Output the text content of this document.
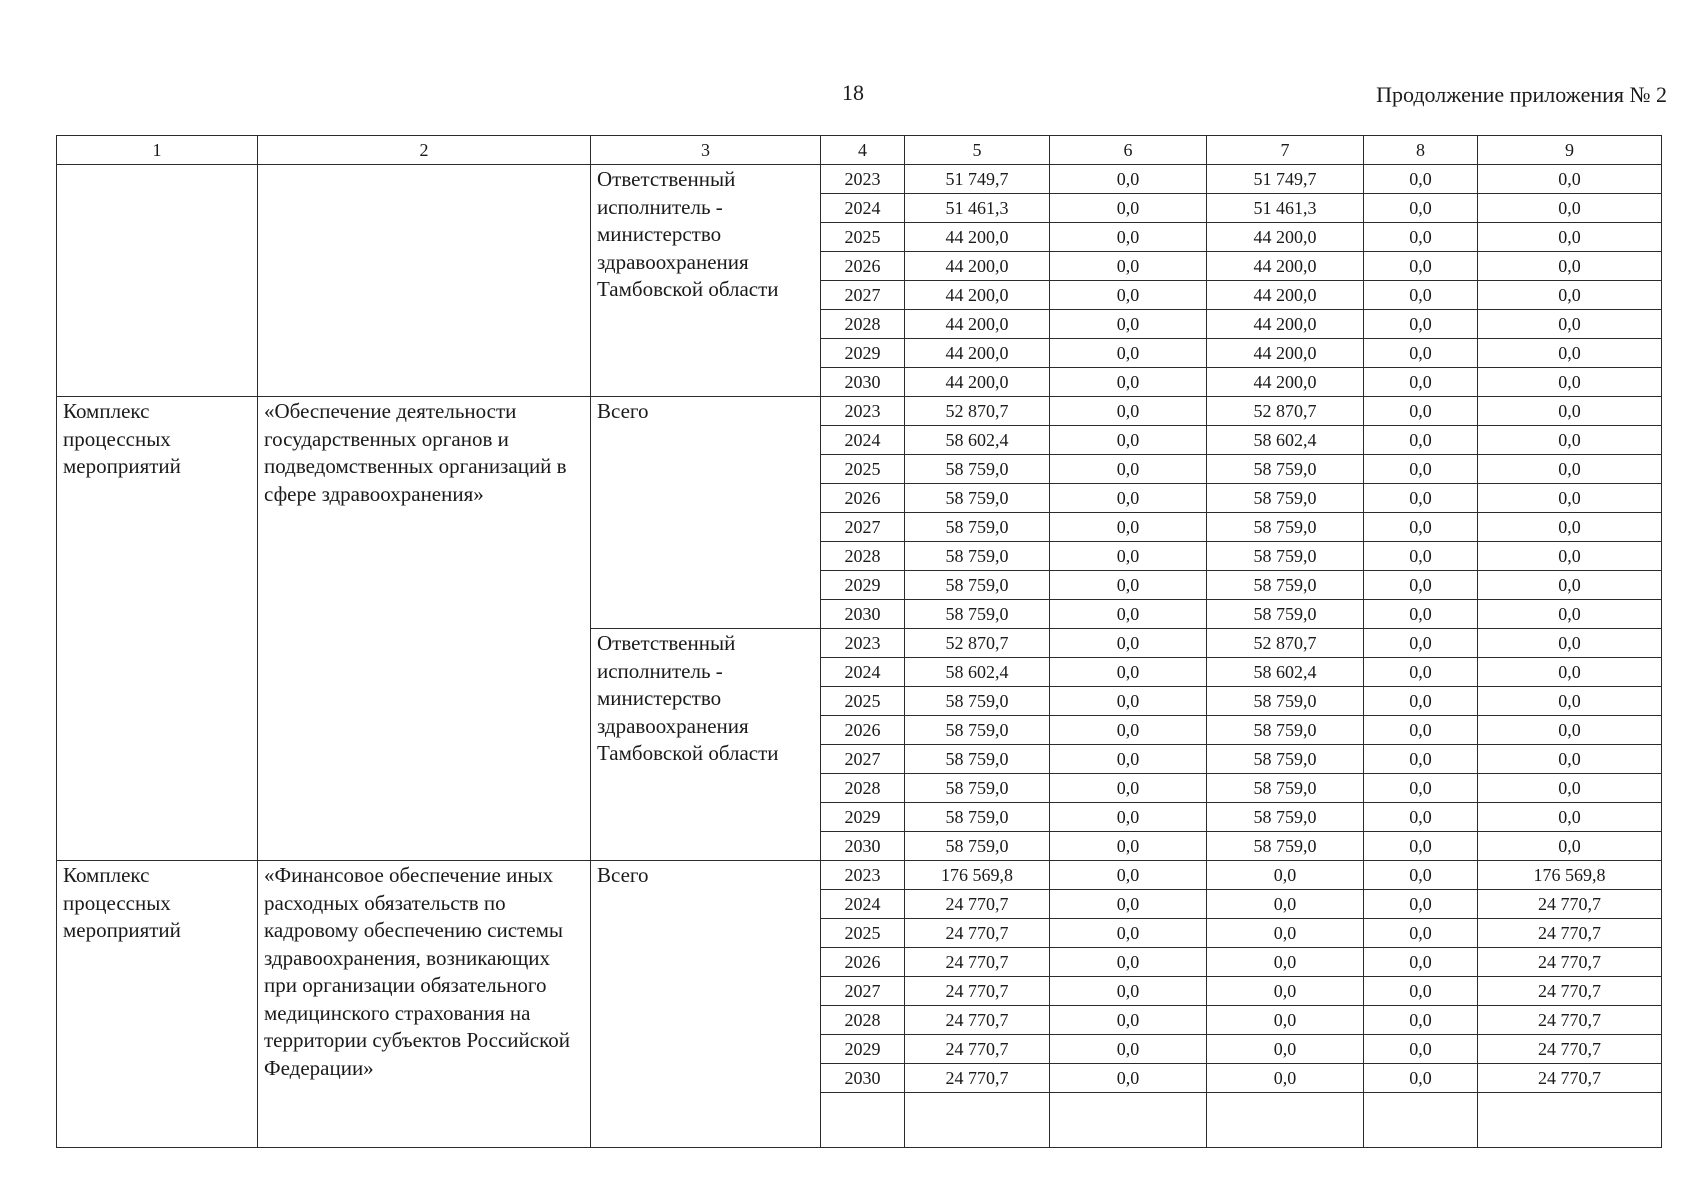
18	Продолжение приложения № 2
1	2	3	4	5	6	7	8	9
		Ответственный исполнитель - министерство здравоохранения Тамбовской области	2023	51 749,7	0,0	51 749,7	0,0	0,0
			2024	51 461,3	0,0	51 461,3	0,0	0,0
			2025	44 200,0	0,0	44 200,0	0,0	0,0
			2026	44 200,0	0,0	44 200,0	0,0	0,0
			2027	44 200,0	0,0	44 200,0	0,0	0,0
			2028	44 200,0	0,0	44 200,0	0,0	0,0
			2029	44 200,0	0,0	44 200,0	0,0	0,0
			2030	44 200,0	0,0	44 200,0	0,0	0,0
Комплекс процессных мероприятий	«Обеспечение деятельности государственных органов и подведомственных организаций в сфере здравоохранения»	Всего	2023	52 870,7	0,0	52 870,7	0,0	0,0
			2024	58 602,4	0,0	58 602,4	0,0	0,0
			2025	58 759,0	0,0	58 759,0	0,0	0,0
			2026	58 759,0	0,0	58 759,0	0,0	0,0
			2027	58 759,0	0,0	58 759,0	0,0	0,0
			2028	58 759,0	0,0	58 759,0	0,0	0,0
			2029	58 759,0	0,0	58 759,0	0,0	0,0
			2030	58 759,0	0,0	58 759,0	0,0	0,0
		Ответственный исполнитель - министерство здравоохранения Тамбовской области	2023	52 870,7	0,0	52 870,7	0,0	0,0
			2024	58 602,4	0,0	58 602,4	0,0	0,0
			2025	58 759,0	0,0	58 759,0	0,0	0,0
			2026	58 759,0	0,0	58 759,0	0,0	0,0
			2027	58 759,0	0,0	58 759,0	0,0	0,0
			2028	58 759,0	0,0	58 759,0	0,0	0,0
			2029	58 759,0	0,0	58 759,0	0,0	0,0
			2030	58 759,0	0,0	58 759,0	0,0	0,0
Комплекс процессных мероприятий	«Финансовое обеспечение иных расходных обязательств по кадровому обеспечению системы здравоохранения, возникающих при организации обязательного медицинского страхования на территории субъектов Российской Федерации»	Всего	2023	176 569,8	0,0	0,0	0,0	176 569,8
			2024	24 770,7	0,0	0,0	0,0	24 770,7
			2025	24 770,7	0,0	0,0	0,0	24 770,7
			2026	24 770,7	0,0	0,0	0,0	24 770,7
			2027	24 770,7	0,0	0,0	0,0	24 770,7
			2028	24 770,7	0,0	0,0	0,0	24 770,7
			2029	24 770,7	0,0	0,0	0,0	24 770,7
			2030	24 770,7	0,0	0,0	0,0	24 770,7
